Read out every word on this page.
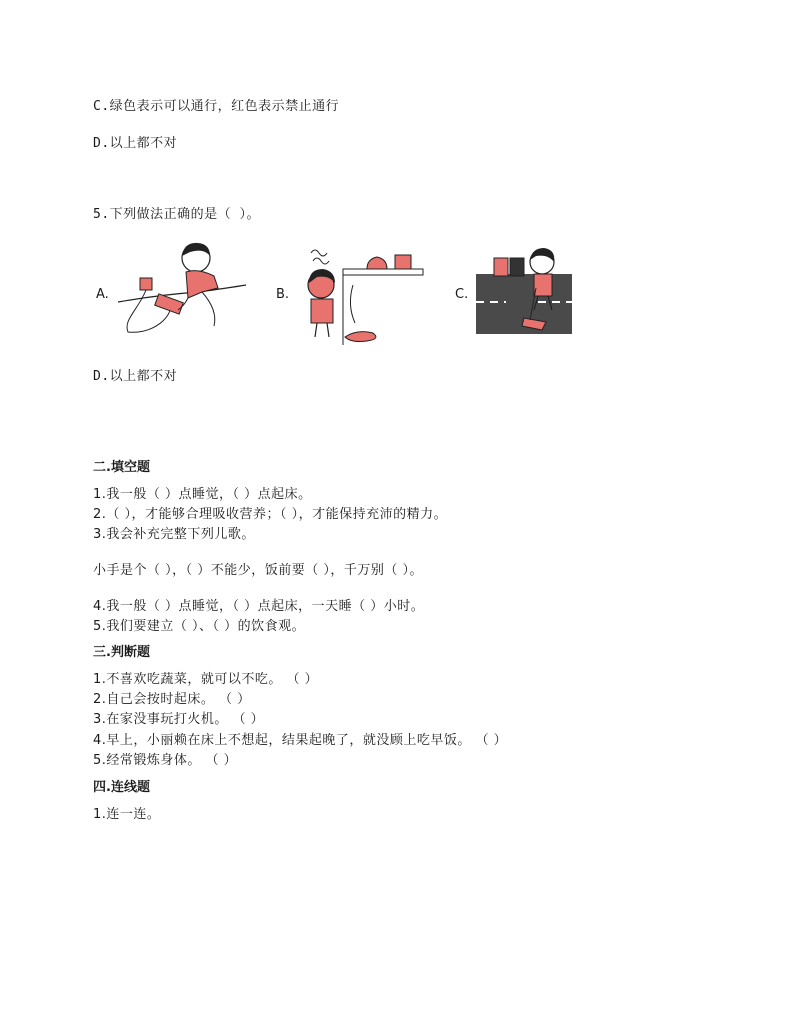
C.绿色表示可以通行，红色表示禁止通行
D.以上都不对
5.下列做法正确的是（ ）。
A.	B.	C.
D.以上都不对
二.填空题
1.我一般（ ）点睡觉，（ ）点起床。
2.（ ），才能够合理吸收营养；（ ），才能保持充沛的精力。
3.我会补充完整下列儿歌。
小手是个（ ），（ ）不能少，饭前要（ ），千万别（ ）。
4.我一般（ ）点睡觉，（ ）点起床，一天睡（ ）小时。
5.我们要建立（ ）、（ ）的饮食观。
三.判断题
1.不喜欢吃蔬菜，就可以不吃。 （ ）
2.自己会按时起床。 （ ）
3.在家没事玩打火机。 （ ）
4.早上，小丽赖在床上不想起，结果起晚了，就没顾上吃早饭。 （ ）
5.经常锻炼身体。 （ ）
四.连线题
1.连一连。
